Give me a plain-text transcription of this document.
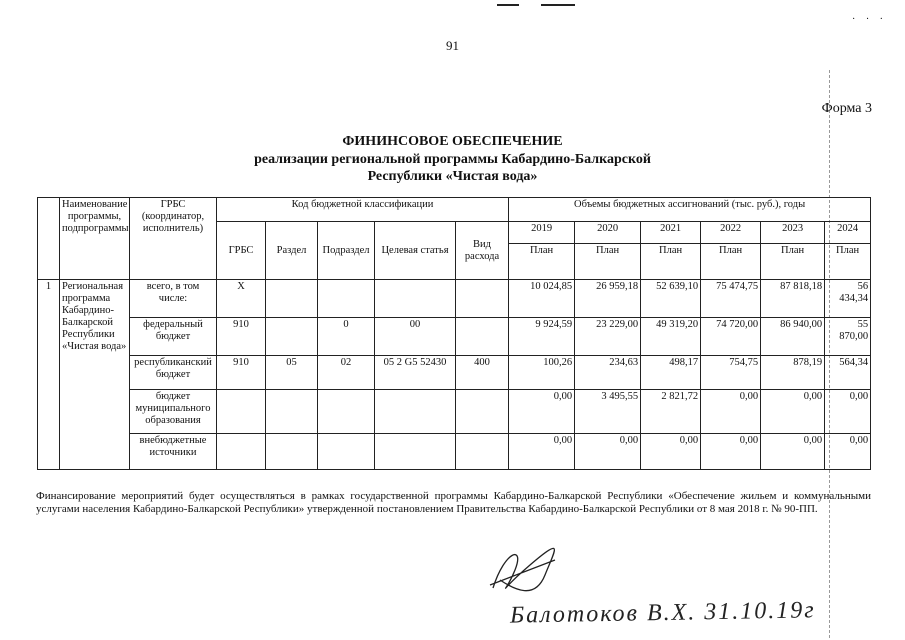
· · ·
91
Форма 3
ФИНИНСОВОЕ ОБЕСПЕЧЕНИЕ
реализации региональной программы Кабардино-Балкарской
Республики «Чистая вода»
	Наименование программы, подпрограммы	ГРБС (координатор, исполнитель)	Код бюджетной классификации					Объемы бюджетных ассигнований (тыс. руб.), годы					
			ГРБС	Раздел	Подраздел	Целевая статья	Вид расхода	2019	2020	2021	2022	2023	2024
								План	План	План	План	План	План
1	Региональная программа Кабардино-Балкарской Республики «Чистая вода»	всего, в том числе:	X					10 024,85	26 959,18	52 639,10	75 474,75	87 818,18	56 434,34
		федеральный бюджет	910		0	00		9 924,59	23 229,00	49 319,20	74 720,00	86 940,00	55 870,00
		республиканский бюджет	910	05	02	05 2 G5 52430	400	100,26	234,63	498,17	754,75	878,19	564,34
		бюджет муниципального образования						0,00	3 495,55	2 821,72	0,00	0,00	0,00
		внебюджетные источники						0,00	0,00	0,00	0,00	0,00	0,00
Финансирование мероприятий будет осуществляться в рамках государственной программы Кабардино-Балкарской Республики «Обеспечение жильем и коммунальными услугами населения Кабардино-Балкарской Республики» утвержденной постановлением Правительства Кабардино-Балкарской Республики от 8 мая 2018 г. № 90-ПП.
Балотоков В.Х. 31.10.19г
